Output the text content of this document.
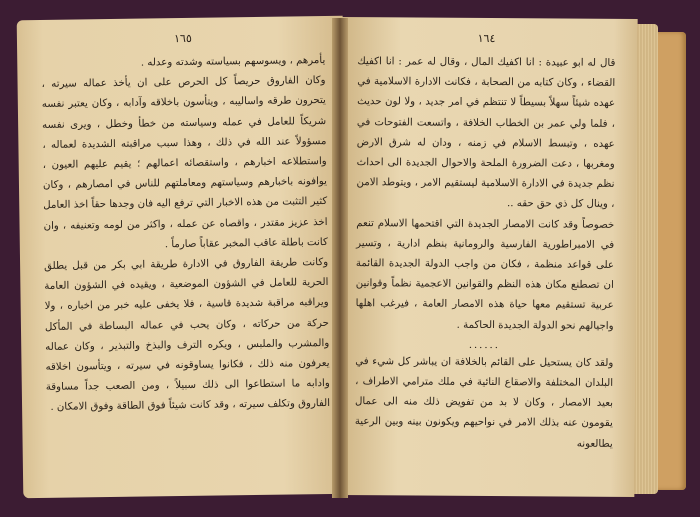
١٦٥

يأمرهم ، ويسوسهم بسياسته وشدته وعدله .

وكان الفاروق حريصاً كل الحرص على ان يأخذ عماله سيرته ، يتحرون طرقه واساليبه ، ويتأسون باخلاقه وآدابه ، وكان يعتبر نفسه شريكاً للعامل في عمله وسياسته من خطأ وخطل ، ويرى نفسه مسؤولاً عند الله في ذلك ، وهذا سبب مراقبته الشديدة لعماله ، واستطلاعه اخبارهم ، واستقصائه اعمالهم ؛ يقيم عليهم العيون ، يوافونه باخبارهم وسياستهم ومعاملتهم للناس في امصارهم ، وكان كثير التثبت من هذه الاخبار التي ترفع اليه فان وجدها حقاً اخذ العامل اخذ عزيز مقتدر ، واقصاه عن عمله ، واكثر من لومه وتعنيفه ، وان كانت باطلة عاقب المخبر عقاباً صارماً .

وكانت طريقة الفاروق في الادارة طريقة ابي بكر من قبل يطلق الحرية للعامل في الشؤون الموضعية ، ويقيده في الشؤون العامة ويراقبه مراقبة شديدة قاسية ، فلا يخفى عليه خبر من اخباره ، ولا حركة من حركاته ، وكان يحب في عماله البساطة في المأكل والمشرب والملبس ، ويكره الترف والبذخ والتبذير ، وكان عماله يعرفون منه ذلك ، فكانوا يساوقونه في سيرته ، ويتأسون اخلاقه وادابه ما استطاعوا الى ذلك سبيلاً ، ومن الصعب جداً مساوقة الفاروق وتكلف سيرته ، وقد كانت شيئاً فوق الطاقة وفوق الامكان .

١٦٤

قال له ابو عبيدة : انا اكفيك المال ، وقال له عمر : انا اكفيك القضاء ، وكان كتابه من الصحابة ، فكانت الادارة الاسلامية في عهده شيئاً سهلاً بسيطاً لا تنتظم في امر جديد ، ولا لون حديث ، فلما ولي عمر بن الخطاب الخلافة ، واتسعت الفتوحات في عهده ، وتبسط الاسلام في زمنه ، ودان له شرق الارض ومغربها ، دعت الضرورة الملحة والاحوال الجديدة الى احداث نظم جديدة في الادارة الاسلامية ليستقيم الامر ، ويتوطد الامن ، وينال كل ذي حق حقه ..

خصوصاً وقد كانت الامصار الجديدة التي اقتحمها الاسلام تنعم في الامبراطورية الفارسية والرومانية بنظم ادارية ، وتسير على قواعد منظمة ، فكان من واجب الدولة الجديدة القائمة ان تصطنع مكان هذه النظم والقوانين الاعجمية نظماً وقوانين عربية تستقيم معها حياة هذه الامصار العامة ، فيرغب اهلها واجيالهم نحو الدولة الجديدة الحاكمة .

......

ولقد كان يستحيل على القائم بالخلافة ان يباشر كل شيء في البلدان المختلفة والاصقاع النائية في ملك مترامي الاطراف ، بعيد الامصار ، وكان لا بد من تفويض ذلك منه الى عمال يقومون عنه بذلك الامر في نواحيهم ويكونون بينه وبين الرعية يطالعونه
